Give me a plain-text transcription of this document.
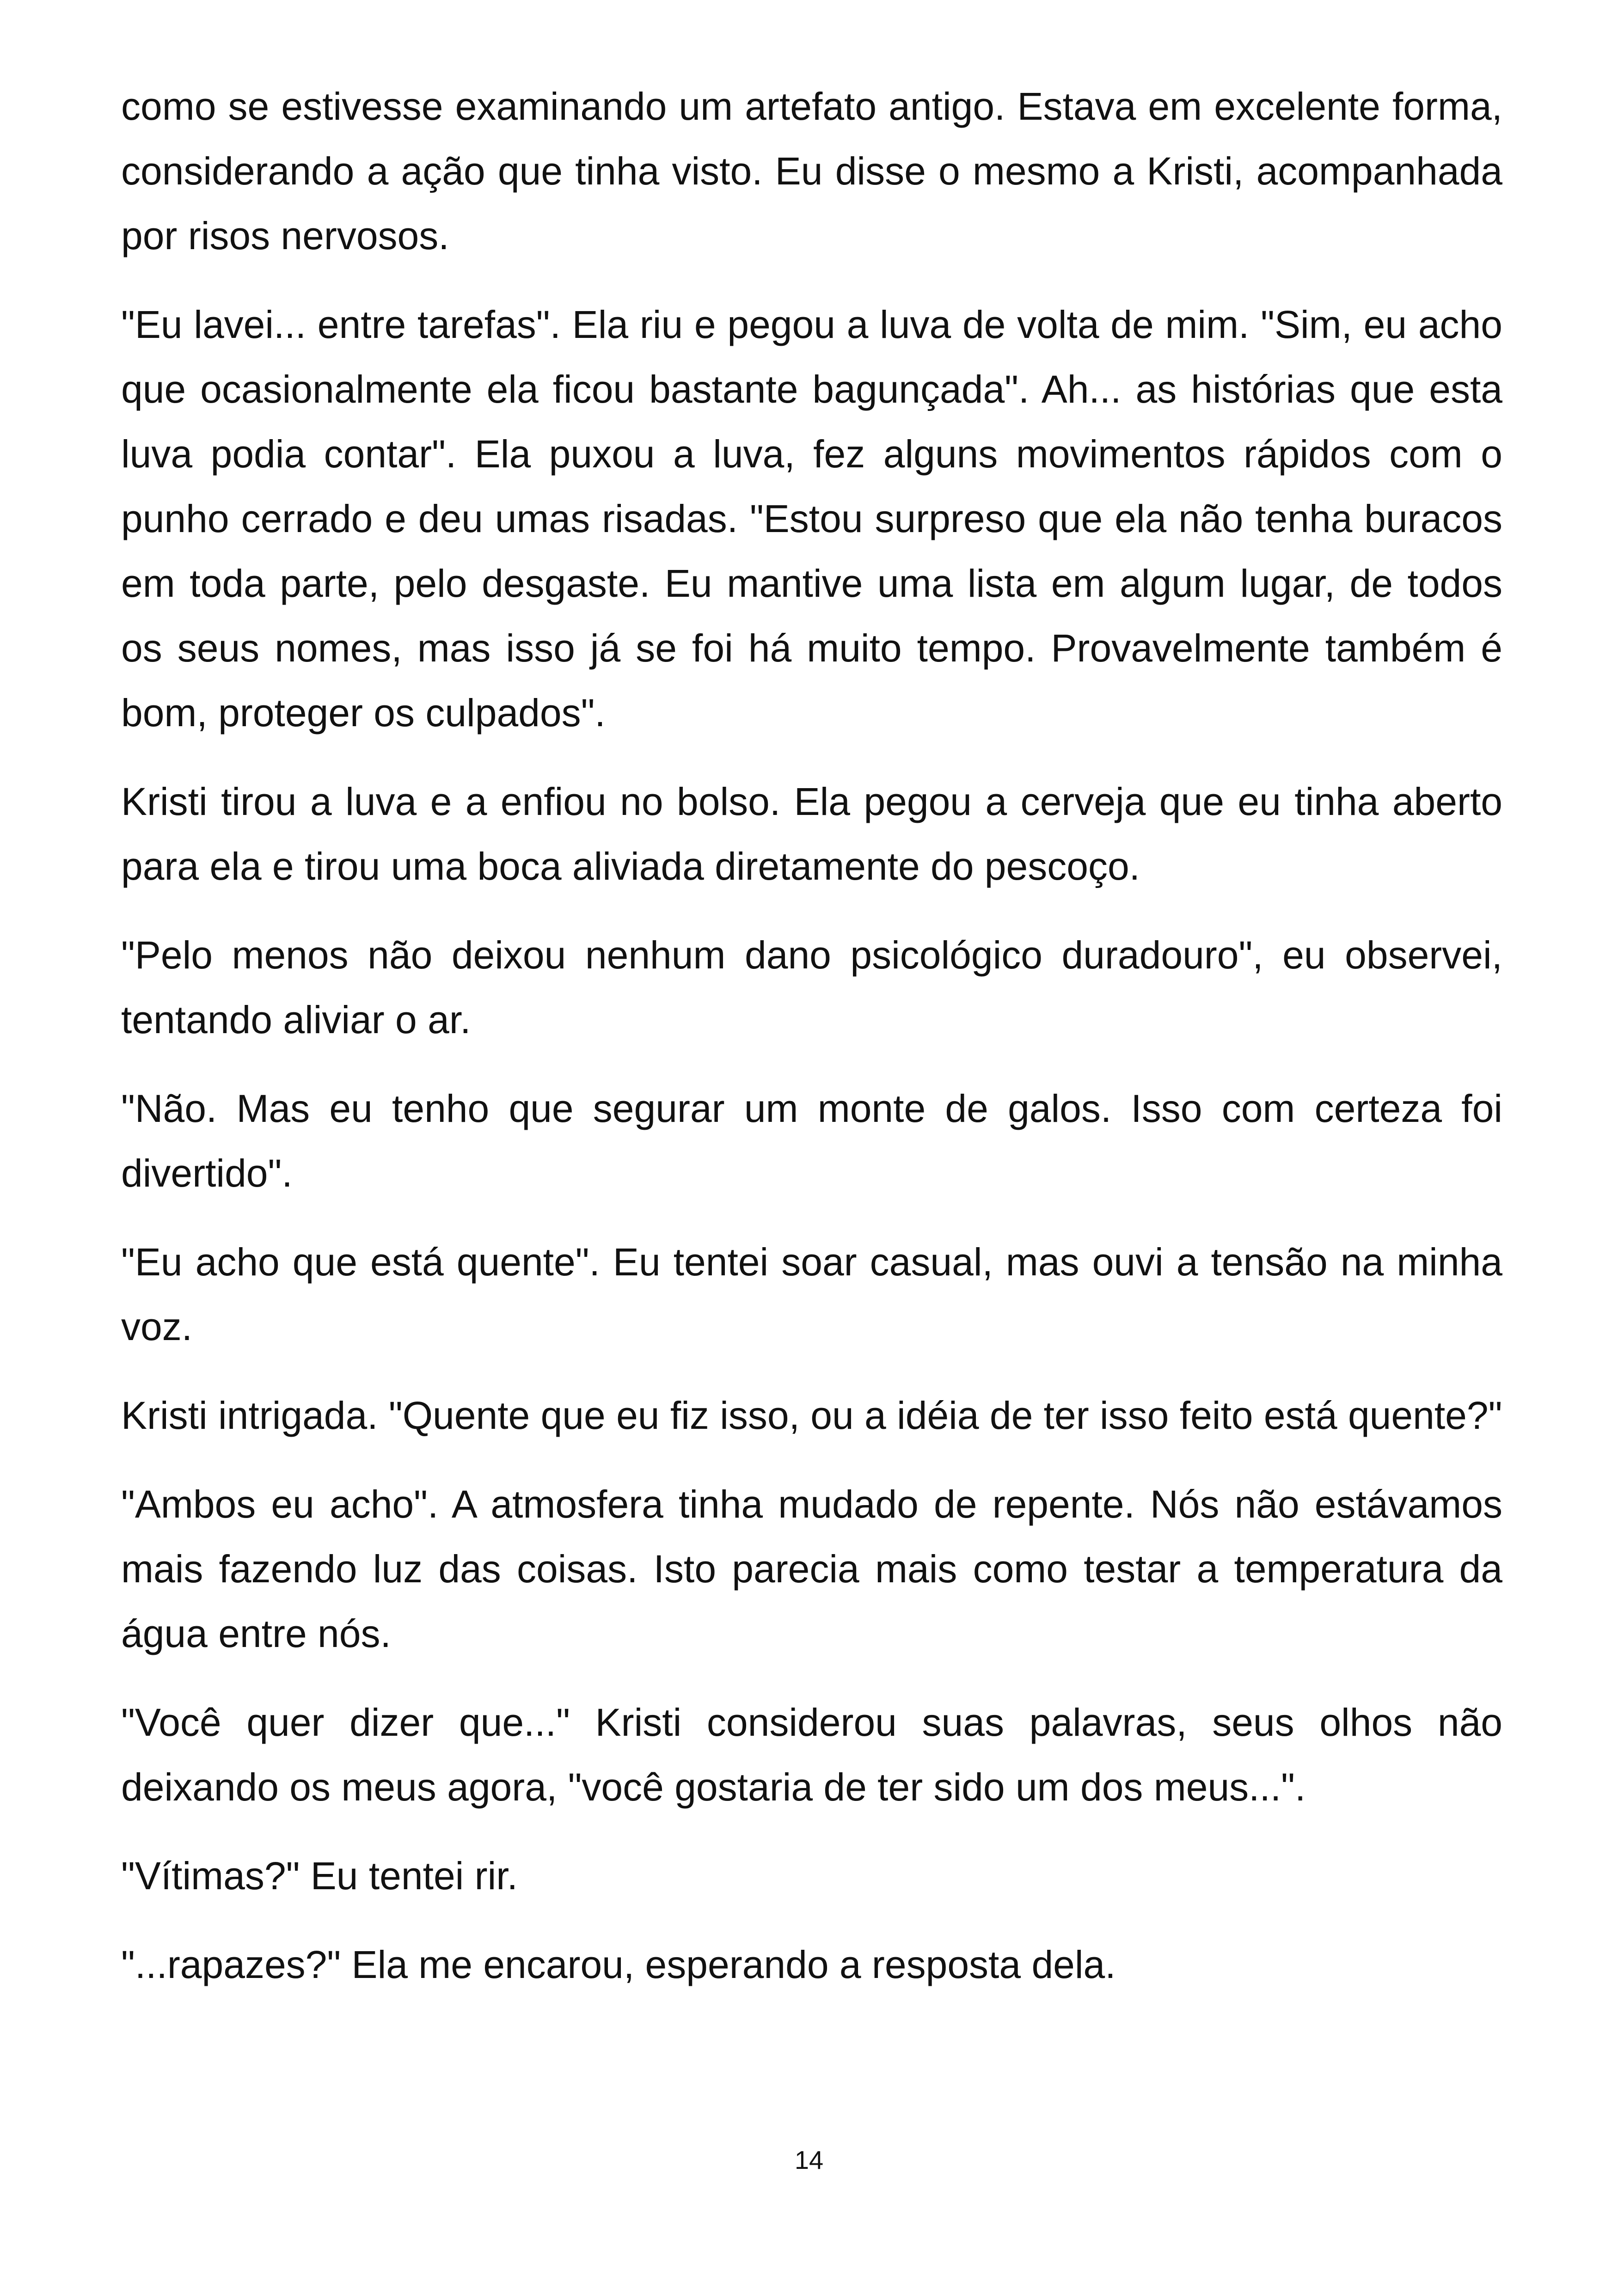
como se estivesse examinando um artefato antigo. Estava em excelente forma, considerando a ação que tinha visto. Eu disse o mesmo a Kristi, acompanhada por risos nervosos.

"Eu lavei... entre tarefas". Ela riu e pegou a luva de volta de mim. "Sim, eu acho que ocasionalmente ela ficou bastante bagunçada". Ah... as histórias que esta luva podia contar". Ela puxou a luva, fez alguns movimentos rápidos com o punho cerrado e deu umas risadas. "Estou surpreso que ela não tenha buracos em toda parte, pelo desgaste. Eu mantive uma lista em algum lugar, de todos os seus nomes, mas isso já se foi há muito tempo. Provavelmente também é bom, proteger os culpados".

Kristi tirou a luva e a enfiou no bolso. Ela pegou a cerveja que eu tinha aberto para ela e tirou uma boca aliviada diretamente do pescoço.

"Pelo menos não deixou nenhum dano psicológico duradouro", eu observei, tentando aliviar o ar.

"Não. Mas eu tenho que segurar um monte de galos. Isso com certeza foi divertido".

"Eu acho que está quente". Eu tentei soar casual, mas ouvi a tensão na minha voz.

Kristi intrigada. "Quente que eu fiz isso, ou a idéia de ter isso feito está quente?"

"Ambos eu acho". A atmosfera tinha mudado de repente. Nós não estávamos mais fazendo luz das coisas. Isto parecia mais como testar a temperatura da água entre nós.

"Você quer dizer que..." Kristi considerou suas palavras, seus olhos não deixando os meus agora, "você gostaria de ter sido um dos meus...".

"Vítimas?" Eu tentei rir.

"...rapazes?" Ela me encarou, esperando a resposta dela.

14
